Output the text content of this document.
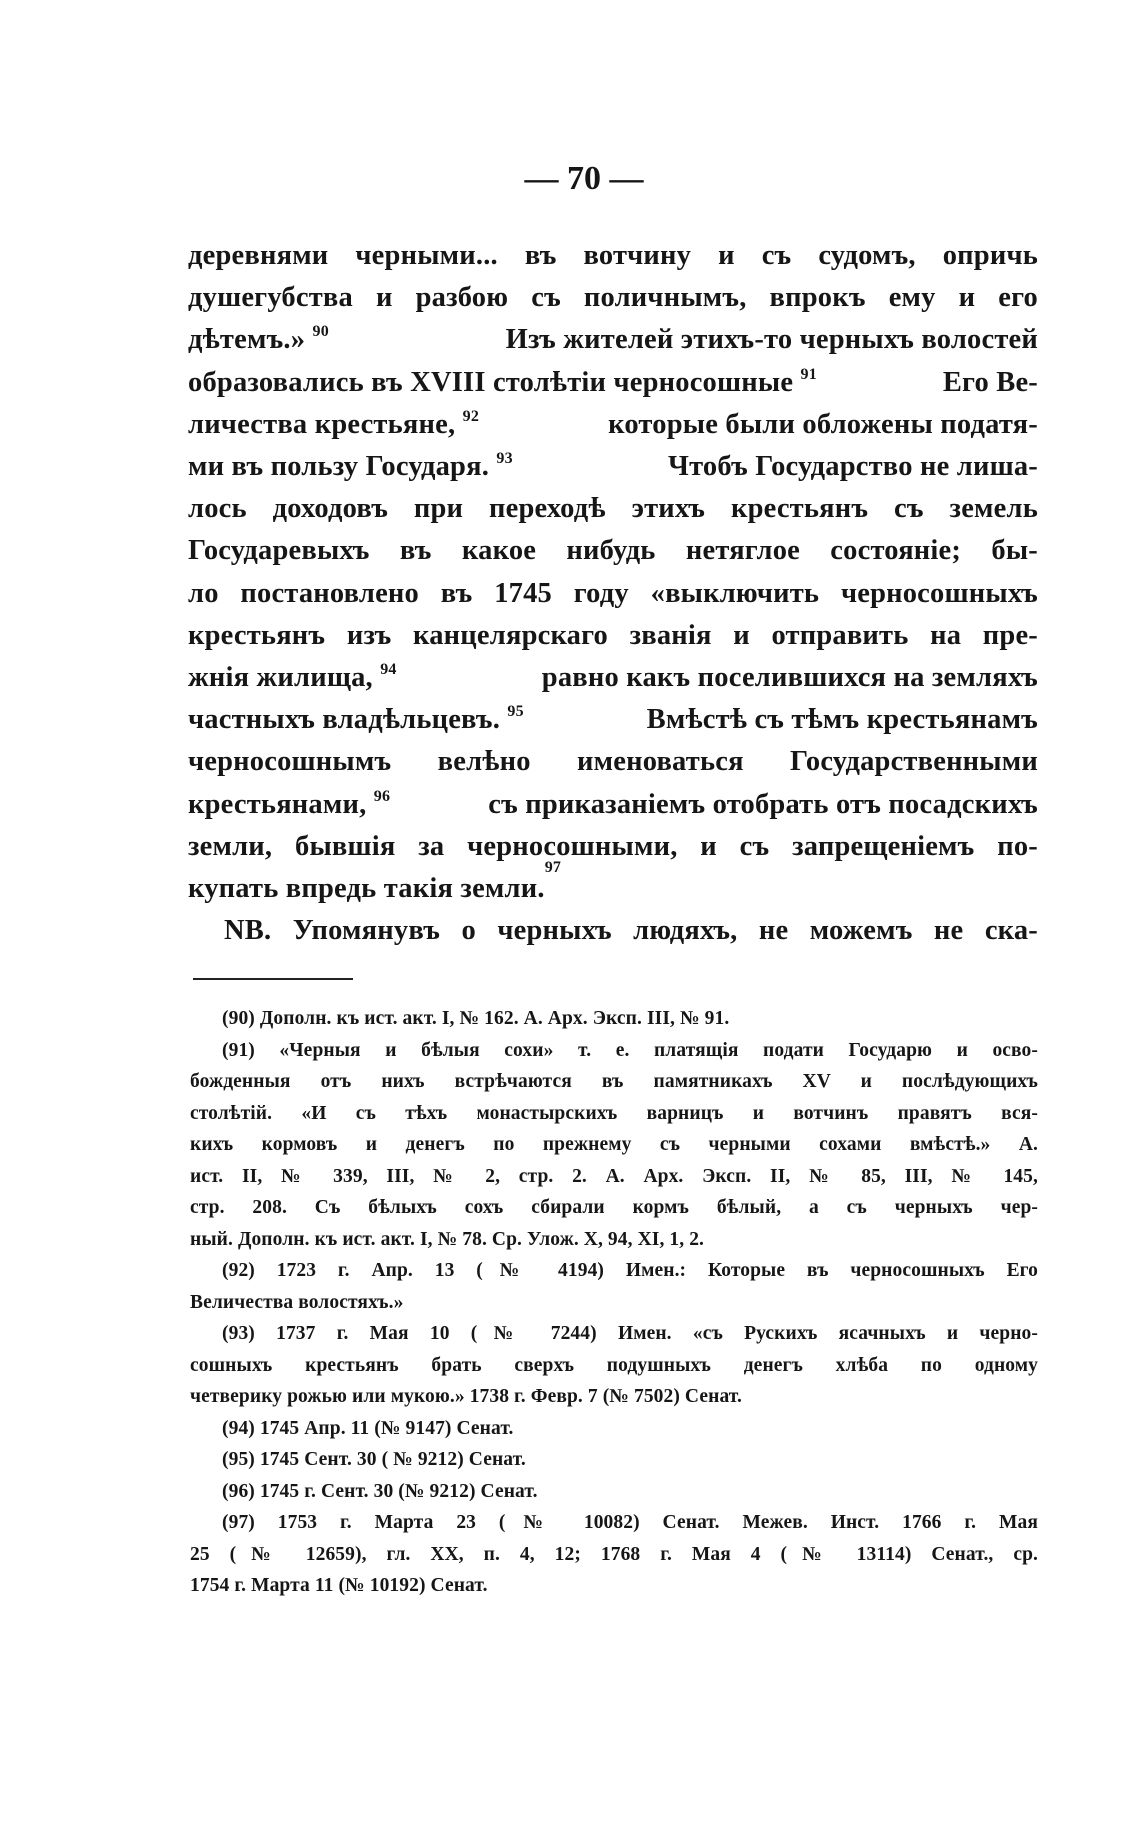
— 70 —
деревнями черными... въ вотчину и съ судомъ, опричь
душегубства и разбою съ поличнымъ, впрокъ ему и его
дѣтемъ.» $^{90}$	Изъ жителей этихъ-то черныхъ волостей
образовались въ XVIII столѣтіи черносошные $^{91}$	Его Ве-
личества крестьяне, $^{92}$	которые были обложены податя-
ми въ пользу Государя. $^{93}$	Чтобъ Государство не лиша-
лось доходовъ при переходѣ этихъ крестьянъ съ земель
Государевыхъ въ какое нибудь нетяглое состояніе; бы-
ло постановлено въ 1745 году «выключить черносошныхъ
крестьянъ изъ канцелярскаго званія и отправить на пре-
жнія жилища, $^{94}$	равно какъ поселившихся на земляхъ
частныхъ владѣльцевъ. $^{95}$	Вмѣстѣ съ тѣмъ крестьянамъ
черносошнымъ велѣно именоваться Государственными
крестьянами, $^{96}$	съ приказаніемъ отобрать отъ посадскихъ
земли, бывшія за черносошными, и съ запрещеніемъ по-
купать впредь такія земли.
97
NB. Упомянувъ о черныхъ людяхъ, не можемъ не ска-
(90) Дополн. къ ист. акт. I, № 162. А. Арх. Эксп. III, № 91.
(91) «Черныя и бѣлыя сохи» т. е. платящія подати Государю и осво-
божденныя отъ нихъ встрѣчаются въ памятникахъ XV и послѣдующихъ
столѣтій. «И съ тѣхъ монастырскихъ варницъ и вотчинъ правятъ вся-
кихъ кормовъ и денегъ по прежнему съ черными сохами вмѣстѣ.» А.
ист. II, № 339, III, № 2, стр. 2. А. Арх. Эксп. II, № 85, III, № 145,
стр. 208. Съ бѣлыхъ сохъ сбирали кормъ бѣлый, а съ черныхъ чер-
ный. Дополн. къ ист. акт. I, № 78. Ср. Улож. X, 94, XI, 1, 2.
(92) 1723 г. Апр. 13 (№ 4194) Имен.: Которые въ черносошныхъ Его
Величества волостяхъ.»
(93) 1737 г. Мая 10 (№ 7244) Имен. «съ Рускихъ ясачныхъ и черно-
сошныхъ крестьянъ брать сверхъ подушныхъ денегъ хлѣба по одному
четверику рожью или мукою.» 1738 г. Февр. 7 (№ 7502) Сенат.
(94) 1745 Апр. 11 (№ 9147) Сенат.
(95) 1745 Сент. 30 ( № 9212) Сенат.
(96) 1745 г. Сент. 30 (№ 9212) Сенат.
(97) 1753 г. Марта 23 (№ 10082) Сенат. Межев. Инст. 1766 г. Мая
25 (№ 12659), гл. XX, п. 4, 12; 1768 г. Мая 4 (№ 13114) Сенат., ср.
1754 г. Марта 11 (№ 10192) Сенат.
